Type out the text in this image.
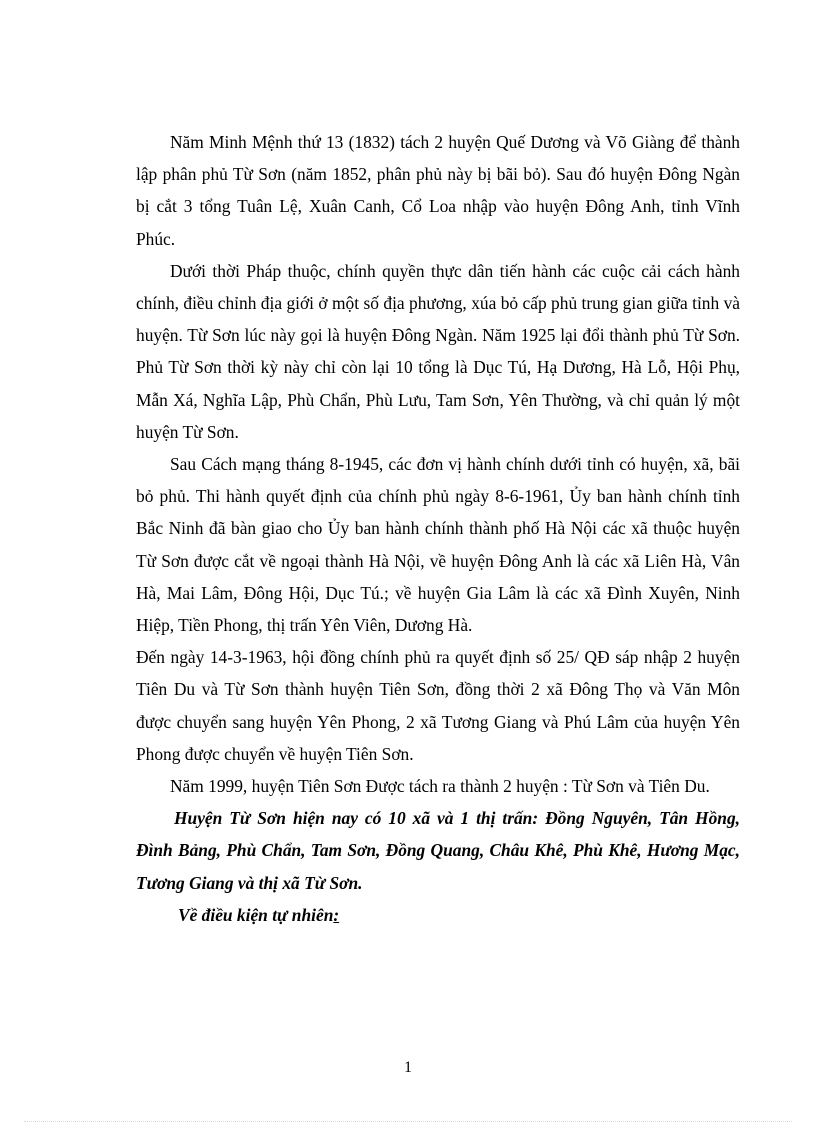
Năm Minh Mệnh thứ 13 (1832) tách 2 huyện Quế Dương và Võ Giàng để thành lập phân phủ Từ Sơn (năm 1852, phân phủ này bị bãi bỏ). Sau đó huyện Đông Ngàn bị cắt 3 tổng Tuân Lệ, Xuân Canh, Cổ Loa nhập vào huyện Đông Anh, tỉnh Vĩnh Phúc.

Dưới thời Pháp thuộc, chính quyền thực dân tiến hành các cuộc cải cách hành chính, điều chỉnh địa giới ở một số địa phương, xúa bỏ cấp phủ trung gian giữa tỉnh và huyện. Từ Sơn lúc này gọi là huyện Đông Ngàn. Năm 1925 lại đổi thành phủ Từ Sơn. Phủ Từ Sơn thời kỳ này chỉ còn lại 10 tổng là Dục Tú, Hạ Dương, Hà Lỗ, Hội Phụ, Mẫn Xá, Nghĩa Lập, Phù Chẩn, Phù Lưu, Tam Sơn, Yên Thường, và chỉ quản lý một huyện Từ Sơn.

Sau Cách mạng tháng 8-1945, các đơn vị hành chính dưới tỉnh có huyện, xã, bãi bỏ phủ. Thi hành quyết định của chính phủ ngày 8-6-1961, Ủy ban hành chính tỉnh Bắc Ninh đã bàn giao cho Ủy ban hành chính thành phố Hà Nội các xã thuộc huyện Từ Sơn được cắt về ngoại thành Hà Nội, về huyện Đông Anh là các xã Liên Hà, Vân Hà, Mai Lâm, Đông Hội, Dục Tú.; về huyện Gia Lâm là các xã Đình Xuyên, Ninh Hiệp, Tiền Phong, thị trấn Yên Viên, Dương Hà.

Đến ngày 14-3-1963, hội đồng chính phủ ra quyết định số 25/ QĐ sáp nhập 2 huyện Tiên Du và Từ Sơn thành huyện Tiên Sơn, đồng thời 2 xã Đông Thọ và Văn Môn được chuyển sang huyện Yên Phong, 2 xã Tương Giang và Phú Lâm của huyện Yên Phong được chuyển về huyện Tiên Sơn.

Năm 1999, huyện Tiên Sơn Được tách ra thành 2 huyện : Từ Sơn và Tiên Du.

Huyện Từ Sơn hiện nay có 10 xã và 1 thị trấn: Đồng Nguyên, Tân Hồng, Đình Bảng, Phù Chẩn, Tam Sơn, Đồng Quang, Châu Khê, Phù Khê, Hương Mạc, Tương Giang và thị xã Từ Sơn.

Về điều kiện tự nhiên:

1
